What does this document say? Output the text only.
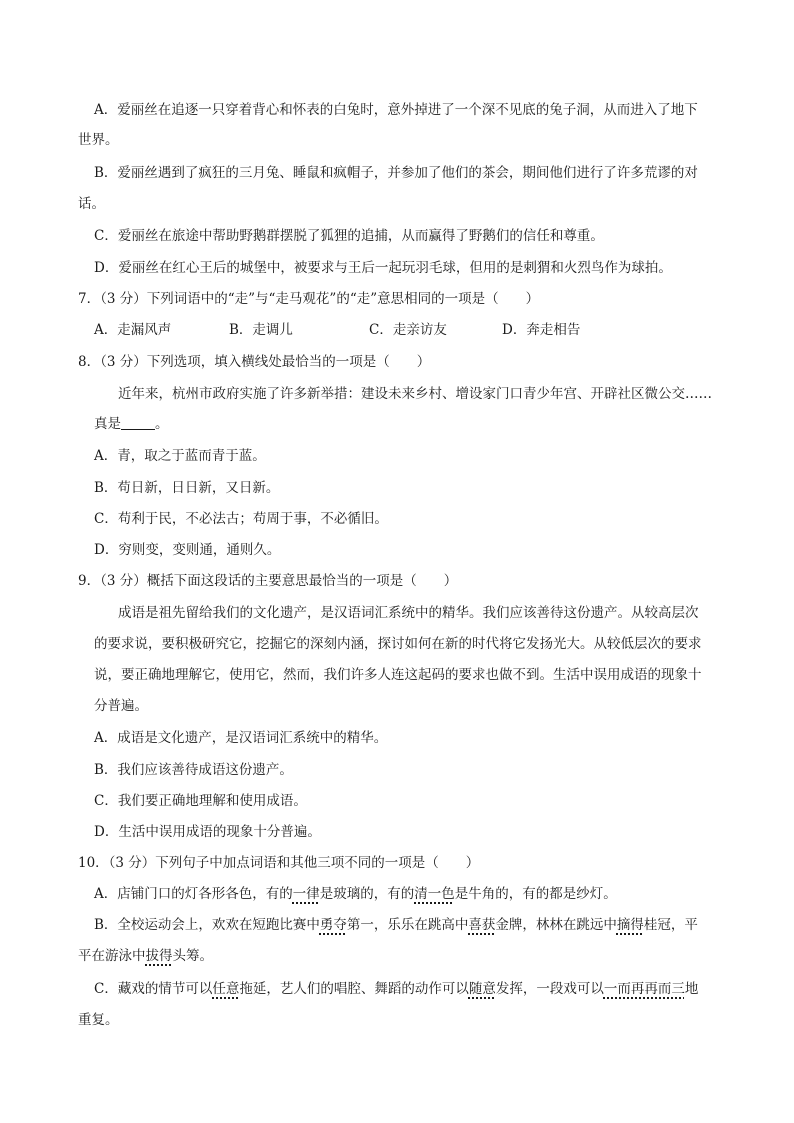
A．爱丽丝在追逐一只穿着背心和怀表的白兔时，意外掉进了一个深不见底的兔子洞，从而进入了地下
世界。
B．爱丽丝遇到了疯狂的三月兔、睡鼠和疯帽子，并参加了他们的茶会，期间他们进行了许多荒谬的对
话。
C．爱丽丝在旅途中帮助野鹅群摆脱了狐狸的追捕，从而赢得了野鹅们的信任和尊重。
D．爱丽丝在红心王后的城堡中，被要求与王后一起玩羽毛球，但用的是刺猬和火烈鸟作为球拍。
7．（3 分）下列词语中的“走”与“走马观花”的“走”意思相同的一项是（　　）
A．走漏风声	B．走调儿	C．走亲访友	D．奔走相告
8．（3 分）下列选项，填入横线处最恰当的一项是（　　）
近年来，杭州市政府实施了许多新举措：建设未来乡村、增设家门口青少年宫、开辟社区微公交……
真是	。
A．青，取之于蓝而青于蓝。
B．苟日新，日日新，又日新。
C．苟利于民，不必法古；苟周于事，不必循旧。
D．穷则变，变则通，通则久。
9．（3 分）概括下面这段话的主要意思最恰当的一项是（　　）
成语是祖先留给我们的文化遗产，是汉语词汇系统中的精华。我们应该善待这份遗产。从较高层次
的要求说，要积极研究它，挖掘它的深刻内涵，探讨如何在新的时代将它发扬光大。从较低层次的要求
说，要正确地理解它，使用它，然而，我们许多人连这起码的要求也做不到。生活中误用成语的现象十
分普遍。
A．成语是文化遗产，是汉语词汇系统中的精华。
B．我们应该善待成语这份遗产。
C．我们要正确地理解和使用成语。
D．生活中误用成语的现象十分普遍。
10．（3 分）下列句子中加点词语和其他三项不同的一项是（　　）
A．店铺门口的灯各形各色，有的一律是玻璃的，有的清一色是牛角的，有的都是纱灯。
B．全校运动会上，欢欢在短跑比赛中勇夺第一，乐乐在跳高中喜获金牌，林林在跳远中摘得桂冠，平
平在游泳中拔得头筹。
C．藏戏的情节可以任意拖延，艺人们的唱腔、舞蹈的动作可以随意发挥，一段戏可以一而再再而三地
重复。
